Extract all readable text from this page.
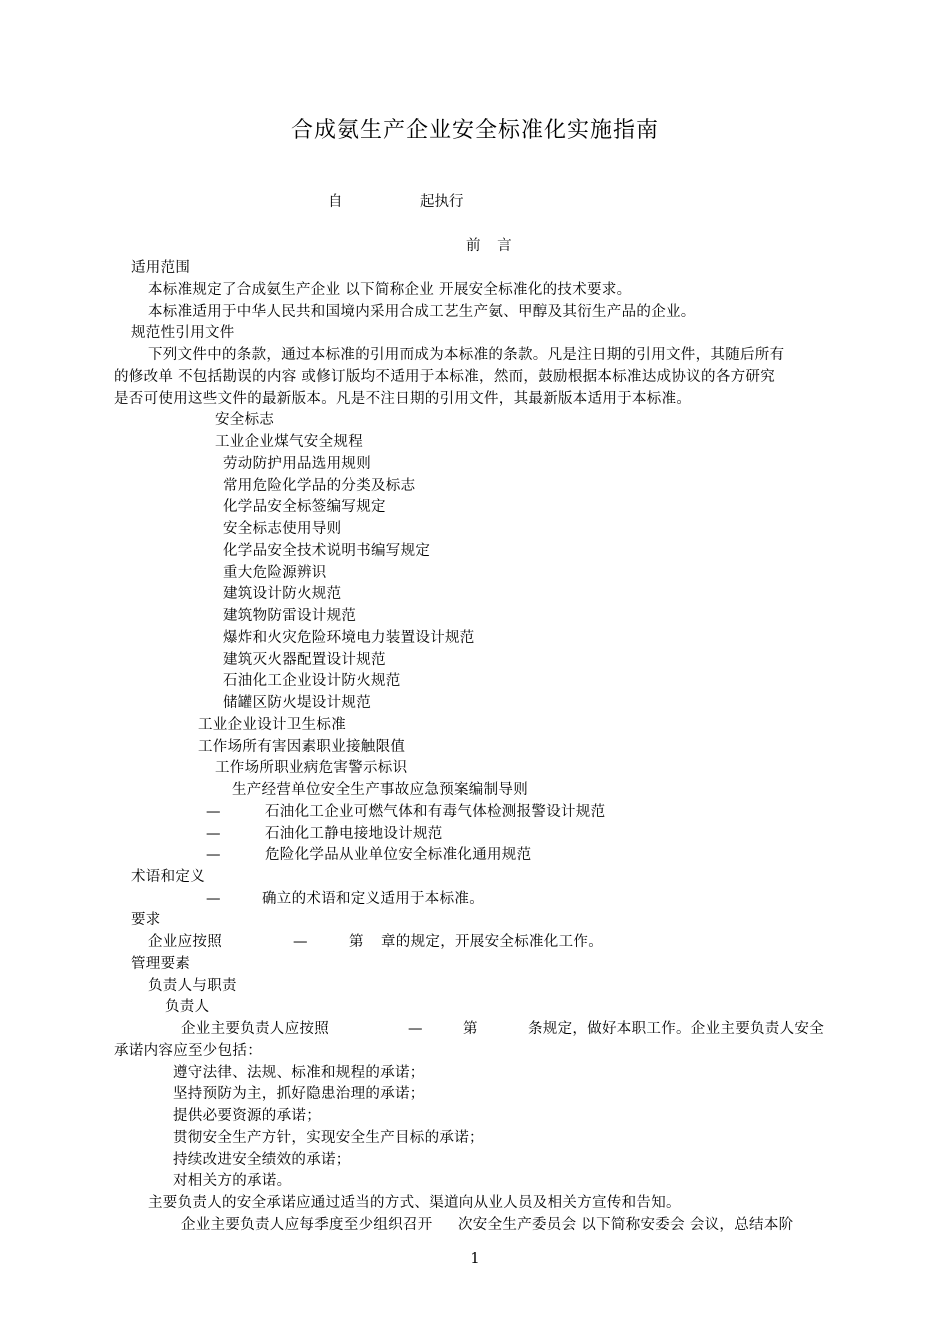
合成氨生产企业安全标准化实施指南
自	起执行
前 言
适用范围
本标准规定了合成氨生产企业 以下简称企业 开展安全标准化的技术要求。
本标准适用于中华人民共和国境内采用合成工艺生产氨、甲醇及其衍生产品的企业。
规范性引用文件
下列文件中的条款，通过本标准的引用而成为本标准的条款。凡是注日期的引用文件，其随后所有
的修改单 不包括勘误的内容 或修订版均不适用于本标准，然而，鼓励根据本标准达成协议的各方研究
是否可使用这些文件的最新版本。凡是不注日期的引用文件，其最新版本适用于本标准。
安全标志
工业企业煤气安全规程
劳动防护用品选用规则
常用危险化学品的分类及标志
化学品安全标签编写规定
安全标志使用导则
化学品安全技术说明书编写规定
重大危险源辨识
建筑设计防火规范
建筑物防雷设计规范
爆炸和火灾危险环境电力装置设计规范
建筑灭火器配置设计规范
石油化工企业设计防火规范
储罐区防火堤设计规范
工业企业设计卫生标准
工作场所有害因素职业接触限值
工作场所职业病危害警示标识
生产经营单位安全生产事故应急预案编制导则
—	石油化工企业可燃气体和有毒气体检测报警设计规范
—	石油化工静电接地设计规范
—	危险化学品从业单位安全标准化通用规范
术语和定义
—	确立的术语和定义适用于本标准。
要求
企业应按照	—	第 章的规定，开展安全标准化工作。
管理要素
负责人与职责
负责人
企业主要负责人应按照	—	第	条规定，做好本职工作。企业主要负责人安全
承诺内容应至少包括：
遵守法律、法规、标准和规程的承诺；
坚持预防为主，抓好隐患治理的承诺；
提供必要资源的承诺；
贯彻安全生产方针，实现安全生产目标的承诺；
持续改进安全绩效的承诺；
对相关方的承诺。
主要负责人的安全承诺应通过适当的方式、渠道向从业人员及相关方宣传和告知。
企业主要负责人应每季度至少组织召开 次安全生产委员会 以下简称安委会 会议，总结本阶
1
